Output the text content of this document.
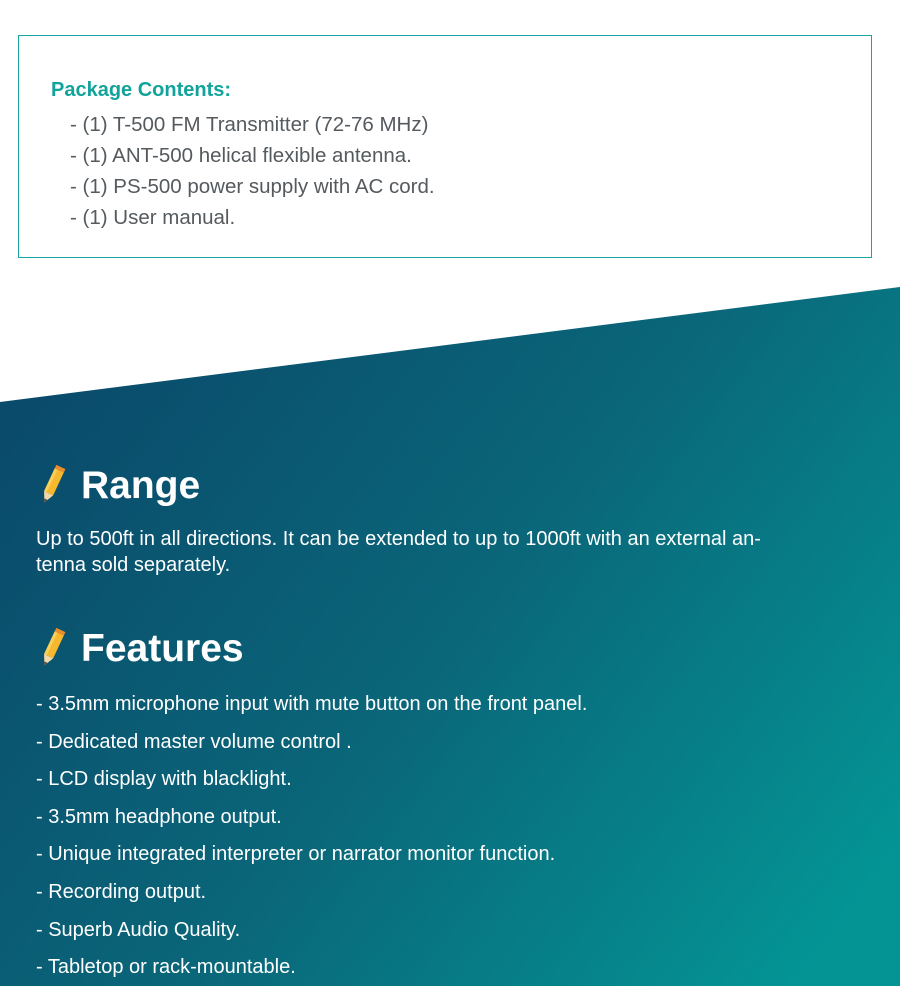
Package Contents:
- (1) T-500 FM Transmitter (72-76 MHz)
- (1) ANT-500 helical flexible antenna.
- (1) PS-500 power supply with AC cord.
- (1) User manual.
Range

Up to 500ft in all directions. It can be extended to up to 1000ft with an external an-
tenna sold separately.

Features
- 3.5mm microphone input with mute button on the front panel.
- Dedicated master volume control .
- LCD display with blacklight.
- 3.5mm headphone output.
- Unique integrated interpreter or narrator monitor function.
- Recording output.
- Superb Audio Quality.
- Tabletop or rack-mountable.
